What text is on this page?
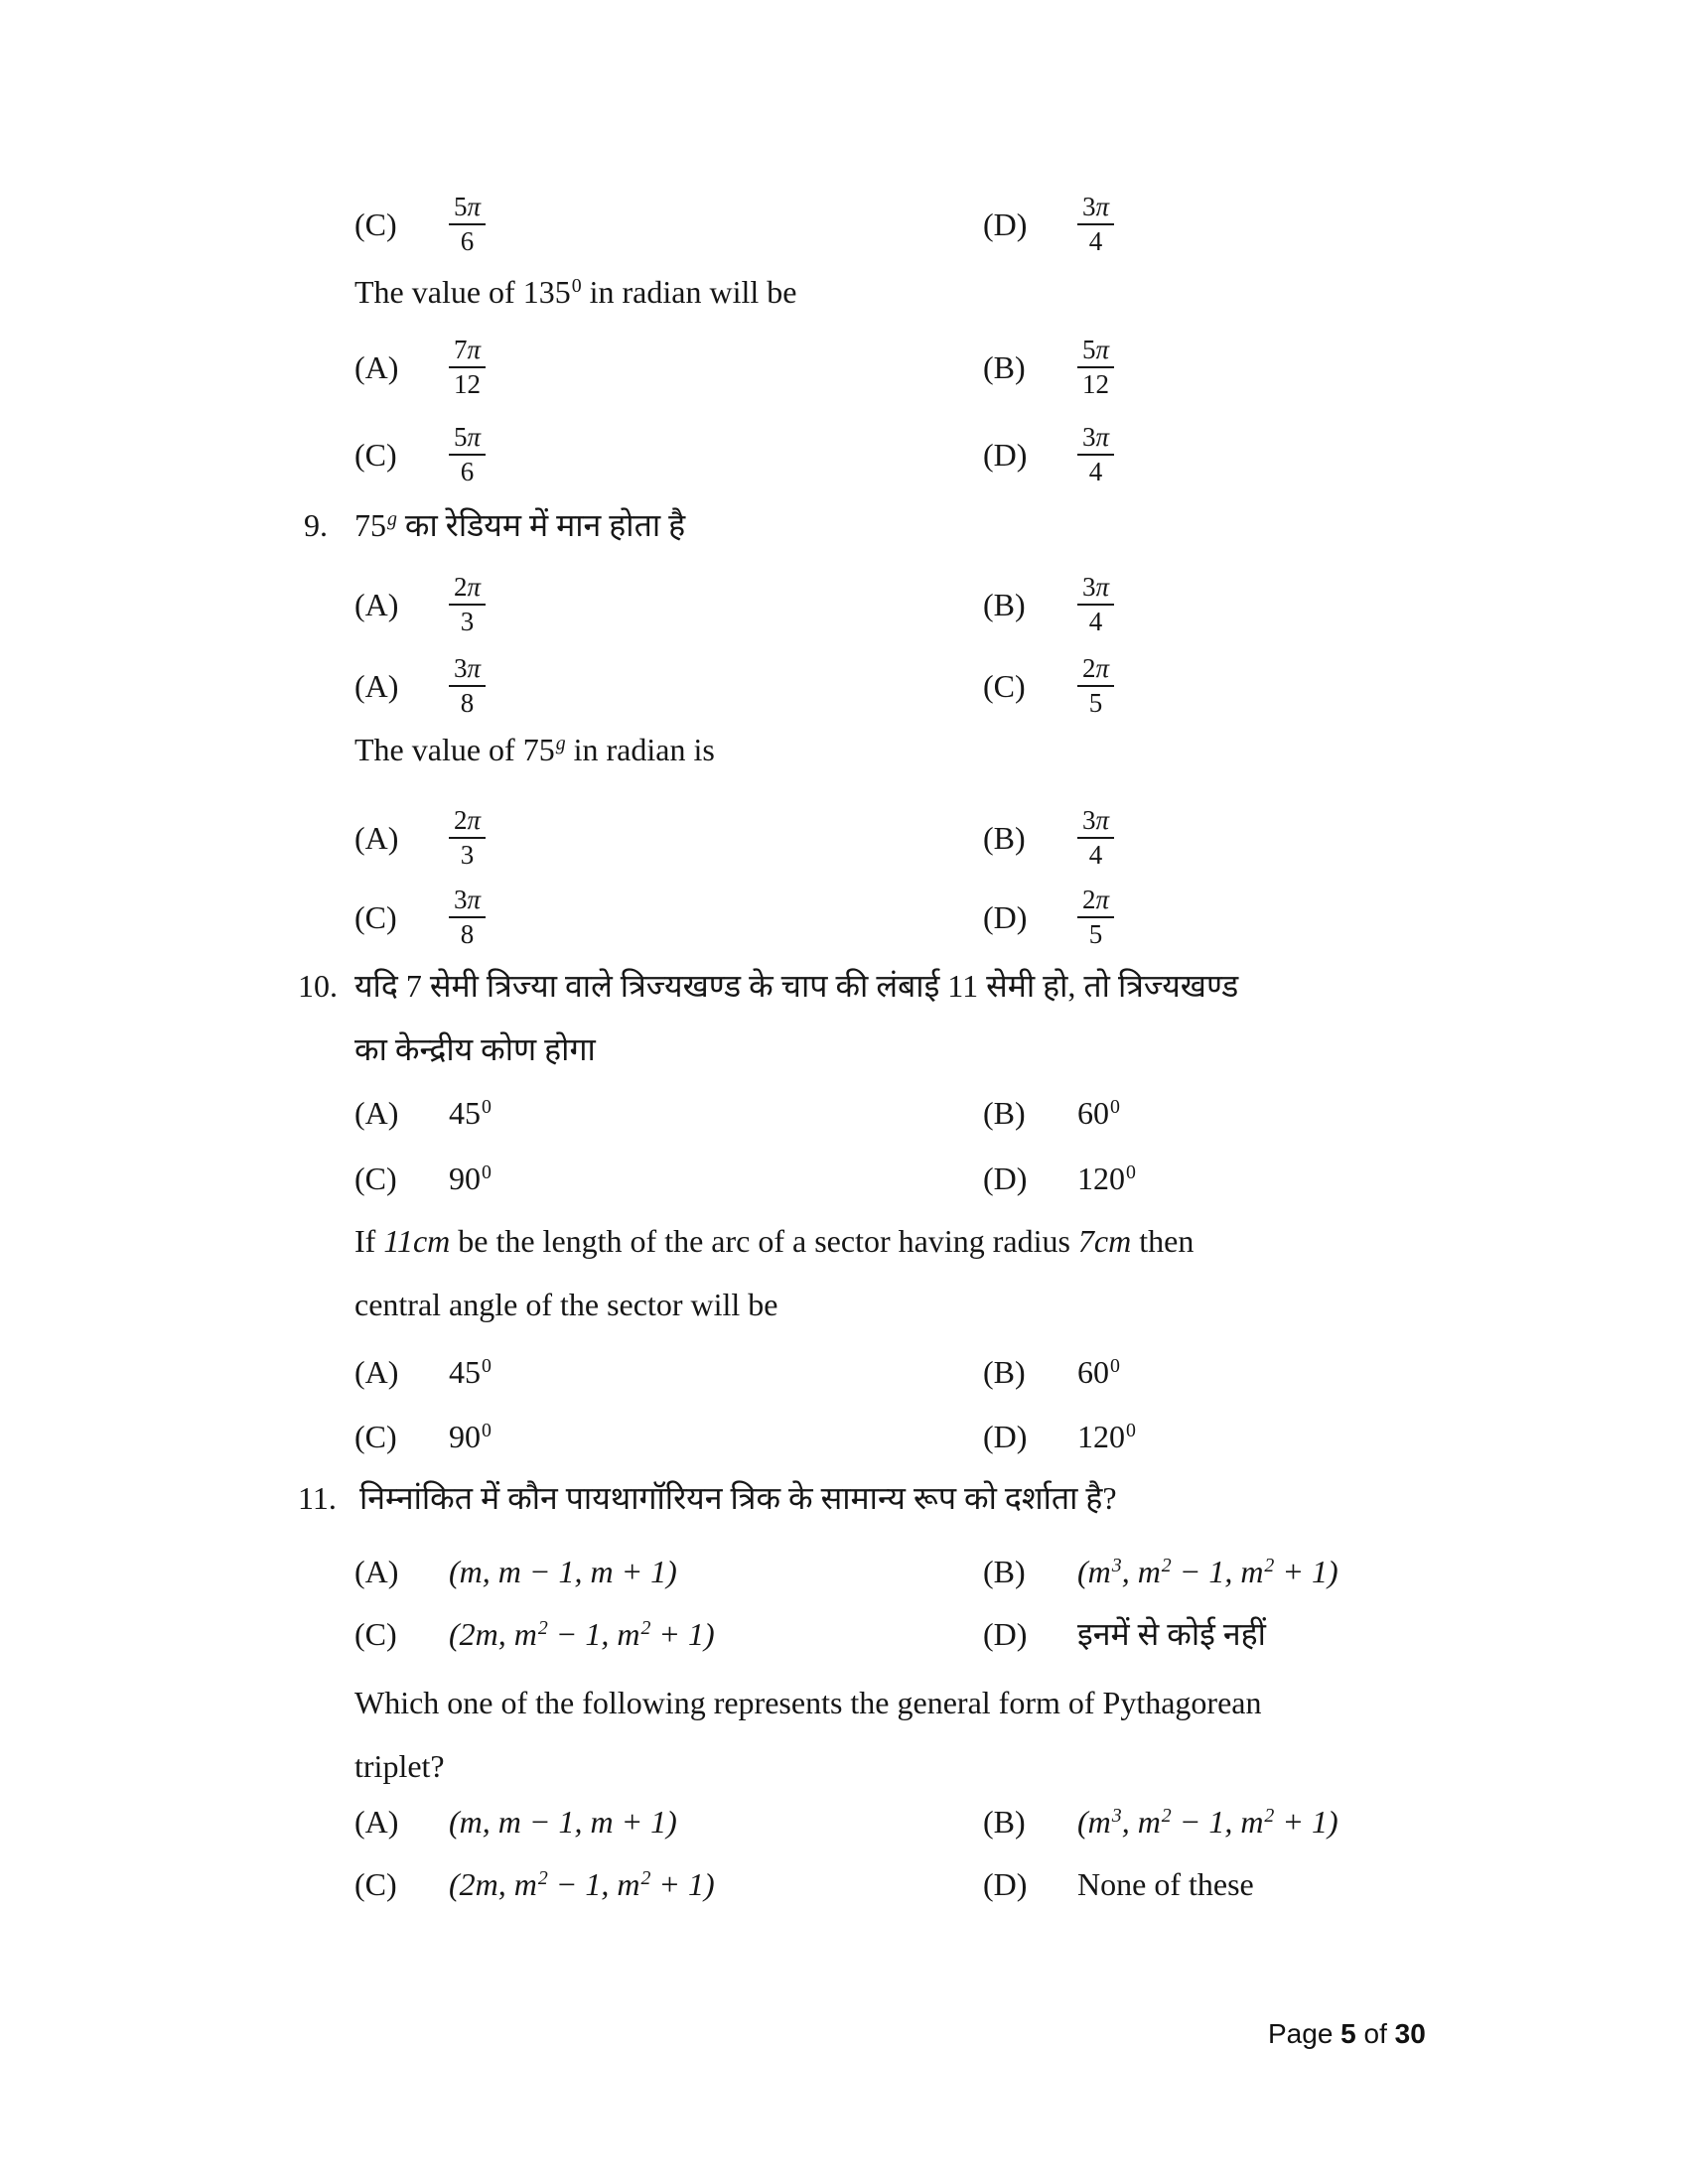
(C)	$\frac{5\pi}{6}$	(D)	$\frac{3\pi}{4}$
The value of $135^0$ in radian will be
(A)	$\frac{7\pi}{12}$	(B)	$\frac{5\pi}{12}$
(C)	$\frac{5\pi}{6}$	(D)	$\frac{3\pi}{4}$
9. 75$^g$ का रेडियम में मान होता है
(A)	$\frac{2\pi}{3}$	(B)	$\frac{3\pi}{4}$
(A)	$\frac{3\pi}{8}$	(C)	$\frac{2\pi}{5}$
The value of 75$^g$ in radian is
(A)	$\frac{2\pi}{3}$	(B)	$\frac{3\pi}{4}$
(C)	$\frac{3\pi}{8}$	(D)	$\frac{2\pi}{5}$
10. यदि 7 सेमी त्रिज्या वाले त्रिज्यखण्ड के चाप की लंबाई 11 सेमी हो, तो त्रिज्यखण्ड
का केन्द्रीय कोण होगा
(A)	$45^0$	(B)	$60^0$
(C)	$90^0$	(D)	$120^0$
If 11cm be the length of the arc of a sector having radius 7cm then
central angle of the sector will be
(A)	$45^0$	(B)	$60^0$
(C)	$90^0$	(D)	$120^0$
11. निम्नांकित में कौन पायथागॉरियन त्रिक के सामान्य रूप को दर्शाता है?
(A)	(m, m − 1, m + 1)	(B)	($m^3$, $m^2 - 1$, $m^2 + 1$)
(C)	(2m, $m^2 - 1$, $m^2 + 1$)	(D)	इनमें से कोई नहीं
Which one of the following represents the general form of Pythagorean
triplet?
(A)	(m, m − 1, m + 1)	(B)	($m^3$, $m^2 - 1$, $m^2 + 1$)
(C)	(2m, $m^2 - 1$, $m^2 + 1$)	(D)	None of these
Page 5 of 30
